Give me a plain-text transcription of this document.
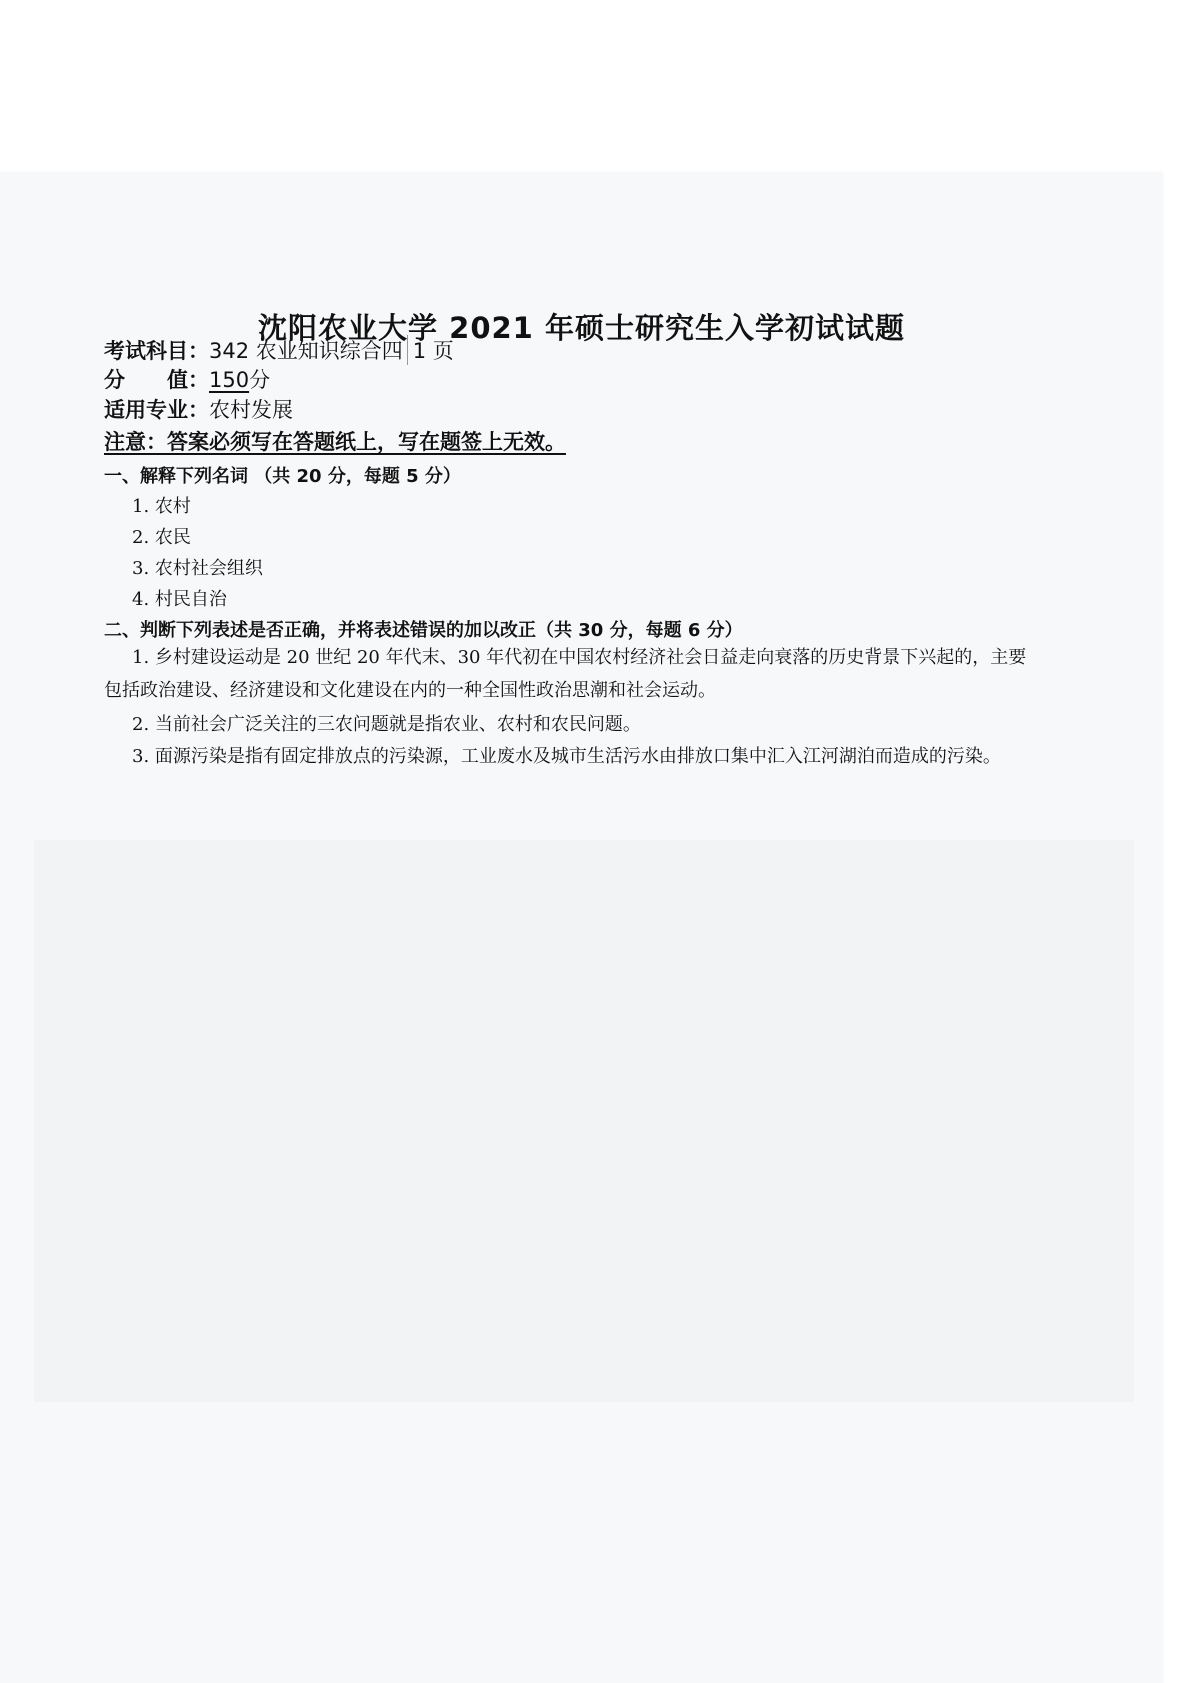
沈阳农业大学 2021 年硕士研究生入学初试试题
考试科目：342 农业知识综合四 1 页
分　　值：150分
适用专业：农村发展
注意：答案必须写在答题纸上，写在题签上无效。
一、解释下列名词 （共 20 分，每题 5 分）
1. 农村
2. 农民
3. 农村社会组织
4. 村民自治
二、判断下列表述是否正确，并将表述错误的加以改正（共 30 分，每题 6 分）
1. 乡村建设运动是 20 世纪 20 年代末、30 年代初在中国农村经济社会日益走向衰落的历史背景下兴起的，主要包括政治建设、经济建设和文化建设在内的一种全国性政治思潮和社会运动。
2. 当前社会广泛关注的三农问题就是指农业、农村和农民问题。
3. 面源污染是指有固定排放点的污染源，工业废水及城市生活污水由排放口集中汇入江河湖泊而造成的污染。
